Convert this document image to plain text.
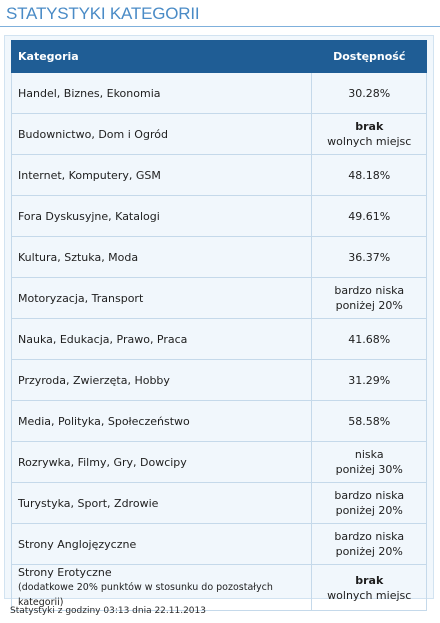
STATYSTYKI KATEGORII
Kategoria	Dostępność
Handel, Biznes, Ekonomia	30.28%
Budownictwo, Dom i Ogród	brak
wolnych miejsc
Internet, Komputery, GSM	48.18%
Fora Dyskusyjne, Katalogi	49.61%
Kultura, Sztuka, Moda	36.37%
Motoryzacja, Transport	bardzo niska
poniżej 20%
Nauka, Edukacja, Prawo, Praca	41.68%
Przyroda, Zwierzęta, Hobby	31.29%
Media, Polityka, Społeczeństwo	58.58%
Rozrywka, Filmy, Gry, Dowcipy	niska
poniżej 30%
Turystyka, Sport, Zdrowie	bardzo niska
poniżej 20%
Strony Anglojęzyczne	bardzo niska
poniżej 20%
Strony Erotyczne
(dodatkowe 20% punktów w stosunku do pozostałych kategorii)	brak
wolnych miejsc
Statystyki z godziny 03:13 dnia 22.11.2013
